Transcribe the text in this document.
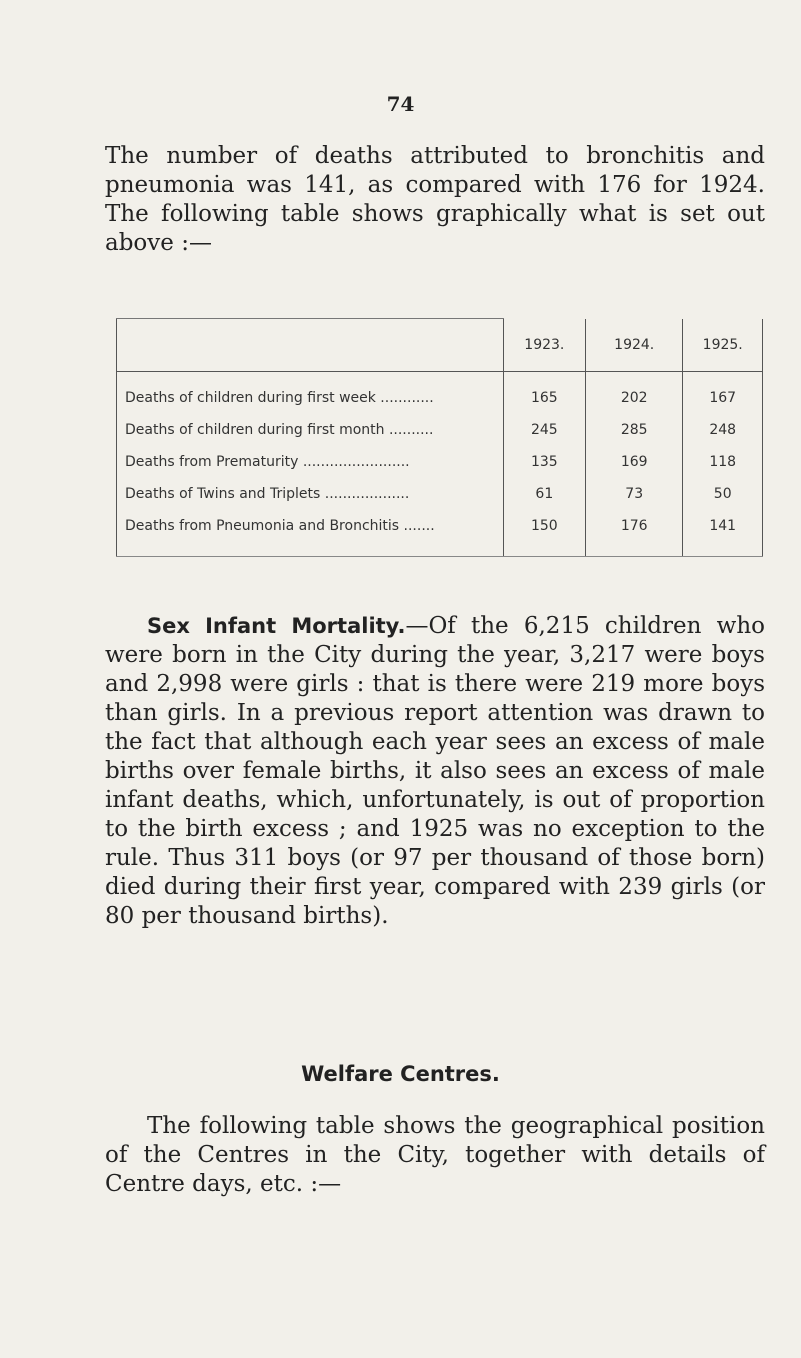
74

The number of deaths attributed to bronchitis and pneumonia was 141, as compared with 176 for 1924. The following table shows graphically what is set out above :—

	1923.	1924.	1925.
Deaths of children during first week ............	165	202	167
Deaths of children during first month ..........	245	285	248
Deaths from Prematurity ........................	135	169	118
Deaths of Twins and Triplets ...................	61	73	50
Deaths from Pneumonia and Bronchitis .......	150	176	141

Sex Infant Mortality.—Of the 6,215 children who were born in the City during the year, 3,217 were boys and 2,998 were girls : that is there were 219 more boys than girls. In a previous report attention was drawn to the fact that although each year sees an excess of male births over female births, it also sees an excess of male infant deaths, which, unfortunately, is out of proportion to the birth excess ; and 1925 was no exception to the rule. Thus 311 boys (or 97 per thousand of those born) died during their first year, compared with 239 girls (or 80 per thousand births).

Welfare Centres.

The following table shows the geographical position of the Centres in the City, together with details of Centre days, etc. :—
